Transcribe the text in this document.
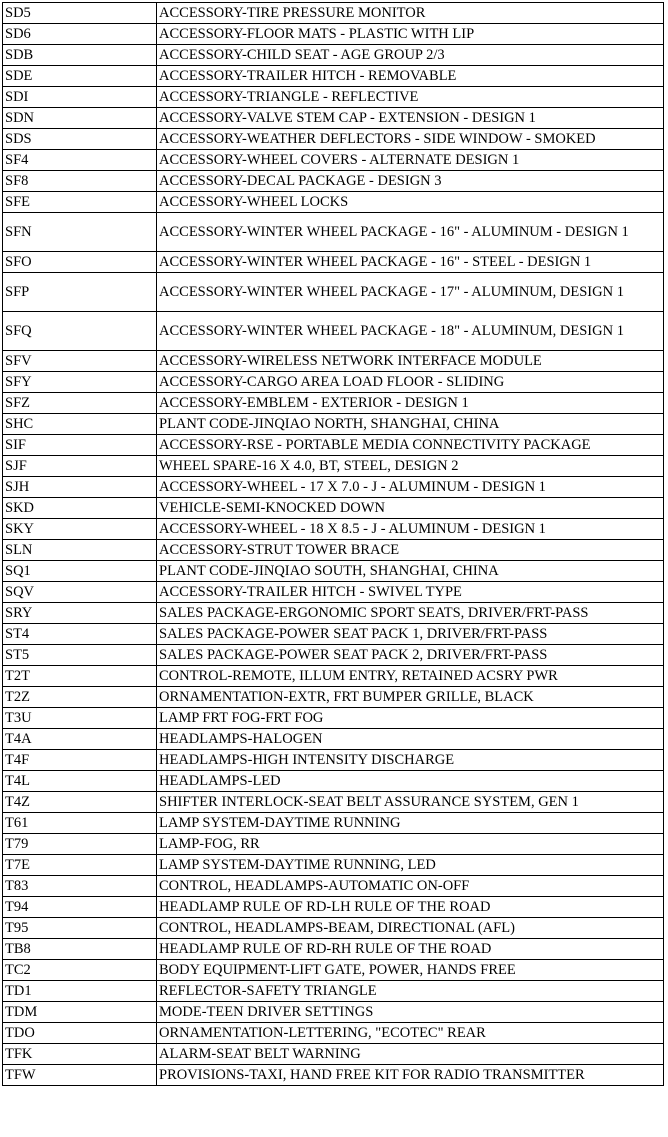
SD5	ACCESSORY-TIRE PRESSURE MONITOR
SD6	ACCESSORY-FLOOR MATS - PLASTIC WITH LIP
SDB	ACCESSORY-CHILD SEAT - AGE GROUP 2/3
SDE	ACCESSORY-TRAILER HITCH - REMOVABLE
SDI	ACCESSORY-TRIANGLE - REFLECTIVE
SDN	ACCESSORY-VALVE STEM CAP - EXTENSION - DESIGN 1
SDS	ACCESSORY-WEATHER DEFLECTORS - SIDE WINDOW - SMOKED
SF4	ACCESSORY-WHEEL COVERS - ALTERNATE DESIGN 1
SF8	ACCESSORY-DECAL PACKAGE - DESIGN 3
SFE	ACCESSORY-WHEEL LOCKS
SFN	ACCESSORY-WINTER WHEEL PACKAGE - 16" - ALUMINUM - DESIGN 1
SFO	ACCESSORY-WINTER WHEEL PACKAGE - 16" - STEEL - DESIGN 1
SFP	ACCESSORY-WINTER WHEEL PACKAGE - 17" - ALUMINUM, DESIGN 1
SFQ	ACCESSORY-WINTER WHEEL PACKAGE - 18" - ALUMINUM, DESIGN 1
SFV	ACCESSORY-WIRELESS NETWORK INTERFACE MODULE
SFY	ACCESSORY-CARGO AREA LOAD FLOOR - SLIDING
SFZ	ACCESSORY-EMBLEM - EXTERIOR - DESIGN 1
SHC	PLANT CODE-JINQIAO NORTH, SHANGHAI, CHINA
SIF	ACCESSORY-RSE - PORTABLE MEDIA CONNECTIVITY PACKAGE
SJF	WHEEL SPARE-16 X 4.0, BT, STEEL, DESIGN 2
SJH	ACCESSORY-WHEEL - 17 X 7.0 - J - ALUMINUM - DESIGN 1
SKD	VEHICLE-SEMI-KNOCKED DOWN
SKY	ACCESSORY-WHEEL - 18 X 8.5 - J - ALUMINUM - DESIGN 1
SLN	ACCESSORY-STRUT TOWER BRACE
SQ1	PLANT CODE-JINQIAO SOUTH, SHANGHAI, CHINA
SQV	ACCESSORY-TRAILER HITCH - SWIVEL TYPE
SRY	SALES PACKAGE-ERGONOMIC SPORT SEATS, DRIVER/FRT-PASS
ST4	SALES PACKAGE-POWER SEAT PACK 1, DRIVER/FRT-PASS
ST5	SALES PACKAGE-POWER SEAT PACK 2, DRIVER/FRT-PASS
T2T	CONTROL-REMOTE, ILLUM ENTRY, RETAINED ACSRY PWR
T2Z	ORNAMENTATION-EXTR, FRT BUMPER GRILLE, BLACK
T3U	LAMP FRT FOG-FRT FOG
T4A	HEADLAMPS-HALOGEN
T4F	HEADLAMPS-HIGH INTENSITY DISCHARGE
T4L	HEADLAMPS-LED
T4Z	SHIFTER INTERLOCK-SEAT BELT ASSURANCE SYSTEM, GEN 1
T61	LAMP SYSTEM-DAYTIME RUNNING
T79	LAMP-FOG, RR
T7E	LAMP SYSTEM-DAYTIME RUNNING, LED
T83	CONTROL, HEADLAMPS-AUTOMATIC ON-OFF
T94	HEADLAMP RULE OF RD-LH RULE OF THE ROAD
T95	CONTROL, HEADLAMPS-BEAM, DIRECTIONAL (AFL)
TB8	HEADLAMP RULE OF RD-RH RULE OF THE ROAD
TC2	BODY EQUIPMENT-LIFT GATE, POWER, HANDS FREE
TD1	REFLECTOR-SAFETY TRIANGLE
TDM	MODE-TEEN DRIVER SETTINGS
TDO	ORNAMENTATION-LETTERING, "ECOTEC" REAR
TFK	ALARM-SEAT BELT WARNING
TFW	PROVISIONS-TAXI, HAND FREE KIT FOR RADIO TRANSMITTER
